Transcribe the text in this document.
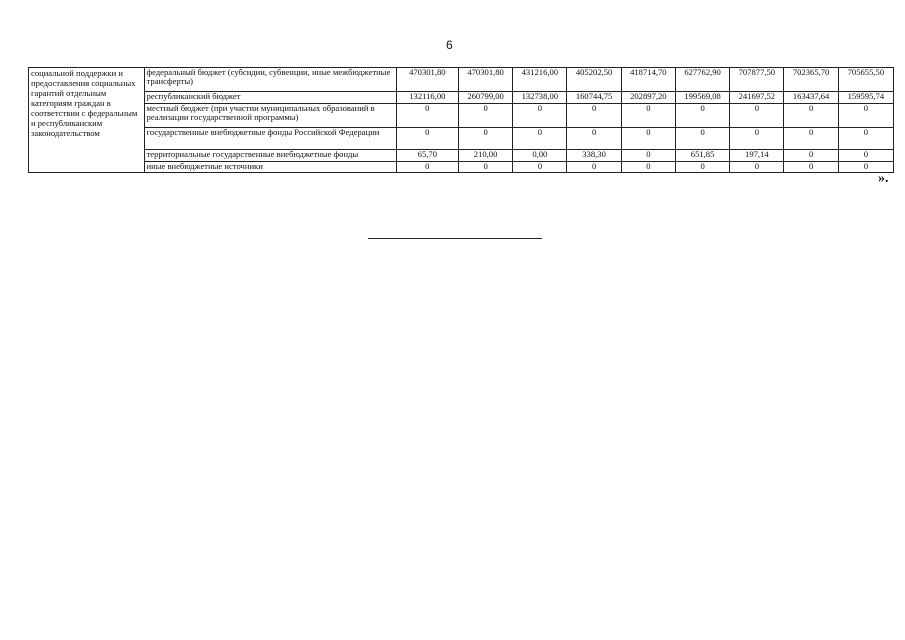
6
социальной поддержки и предоставления социальных гарантий отдельным категориям граждан в соответствии с федеральным и республиканским законодательством	федеральный бюджет (субсидии, субвенции, иные межбюджетные трансферты)	470301,80	470301,80	431216,00	405202,50	418714,70	627762,90	707877,50	702365,70	705655,50
	республиканский бюджет	132116,00	260799,00	132738,00	160744,75	202897,20	199569,08	241697,52	163437,64	159595,74
	местный бюджет (при участии муниципальных образований в реализации государственной программы)	0	0	0	0	0	0	0	0	0
	государственные внебюджетные фонды Российской Федерации	0	0	0	0	0	0	0	0	0
	территориальные государственные внебюджетные фонды	65,70	210,00	0,00	338,30	0	651,85	197,14	0	0
	иные внебюджетные источники	0	0	0	0	0	0	0	0	0
».
